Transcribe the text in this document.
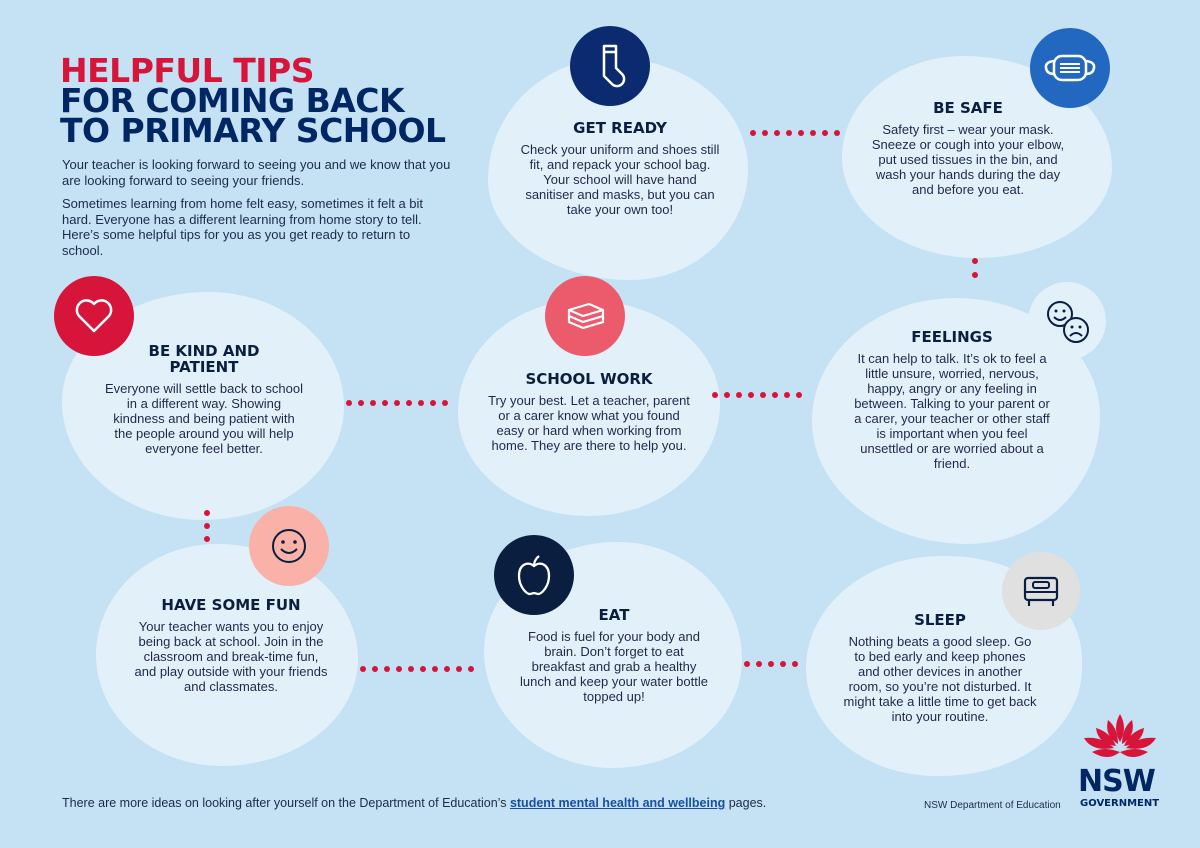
HELPFUL TIPS
FOR COMING BACK
TO PRIMARY SCHOOL
Your teacher is looking forward to seeing you and we know that you are looking forward to seeing your friends.
Sometimes learning from home felt easy, sometimes it felt a bit hard. Everyone has a different learning from home story to tell. Here’s some helpful tips for you as you get ready to return to school.
GET READY

Check your uniform and shoes still fit, and repack your school bag. Your school will have hand sanitiser and masks, but you can take your own too!

BE SAFE

Safety first – wear your mask. Sneeze or cough into your elbow, put used tissues in the bin, and wash your hands during the day and before you eat.

BE KIND AND PATIENT

Everyone will settle back to school in a different way. Showing kindness and being patient with the people around you will help everyone feel better.

SCHOOL WORK

Try your best. Let a teacher, parent or a carer know what you found easy or hard when working from home. They are there to help you.

FEELINGS

It can help to talk. It’s ok to feel a little unsure, worried, nervous, happy, angry or any feeling in between. Talking to your parent or a carer, your teacher or other staff is important when you feel unsettled or are worried about a friend.

HAVE SOME FUN

Your teacher wants you to enjoy being back at school. Join in the classroom and break-time fun, and play outside with your friends and classmates.

EAT

Food is fuel for your body and brain. Don’t forget to eat breakfast and grab a healthy lunch and keep your water bottle topped up!

SLEEP

Nothing beats a good sleep. Go to bed early and keep phones and other devices in another room, so you’re not disturbed. It might take a little time to get back into your routine.

There are more ideas on looking after yourself on the Department of Education’s student mental health and wellbeing pages.	NSW Department of Education
NSW
GOVERNMENT
